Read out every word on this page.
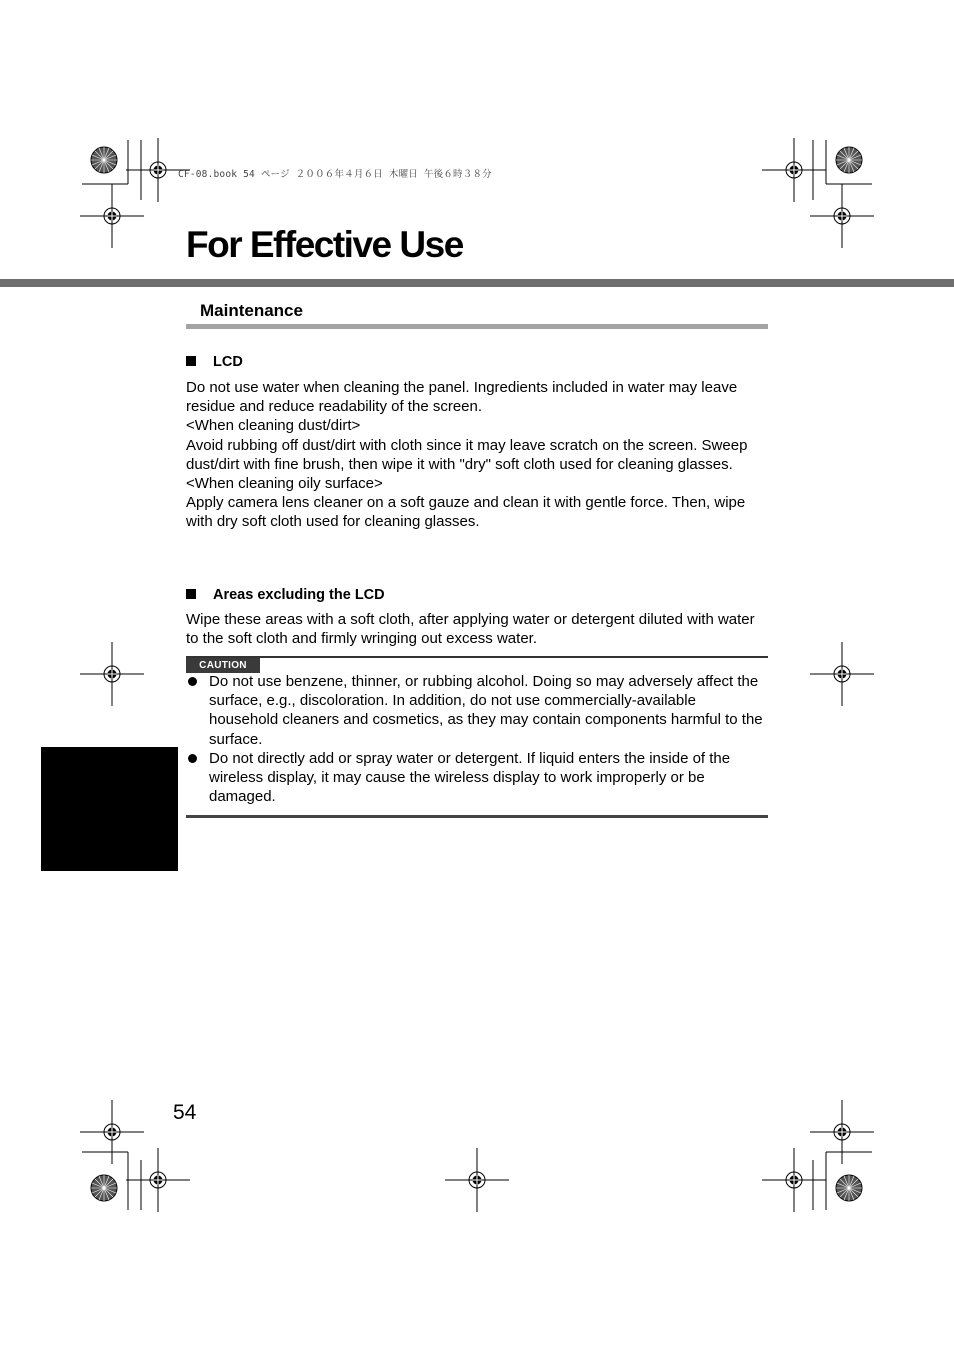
CF-08.book 54 ページ ２００６年４月６日 木曜日 午後６時３８分
For Effective Use
Maintenance
LCD

Do not use water when cleaning the panel. Ingredients included in water may leave residue and reduce readability of the screen.

<When cleaning dust/dirt>

Avoid rubbing off dust/dirt with cloth since it may leave scratch on the screen. Sweep dust/dirt with fine brush, then wipe it with "dry" soft cloth used for cleaning glasses.

<When cleaning oily surface>

Apply camera lens cleaner on a soft gauze and clean it with gentle force. Then, wipe with dry soft cloth used for cleaning glasses.

Areas excluding the LCD

Wipe these areas with a soft cloth, after applying water or detergent diluted with water to the soft cloth and firmly wringing out excess water.

CAUTION
Do not use benzene, thinner, or rubbing alcohol. Doing so may adversely affect the surface, e.g., discoloration. In addition, do not use commercially-available household cleaners and cosmetics, as they may contain components harmful to the surface.
Do not directly add or spray water or detergent. If liquid enters the inside of the wireless display, it may cause the wireless display to work improperly or be damaged.
54
